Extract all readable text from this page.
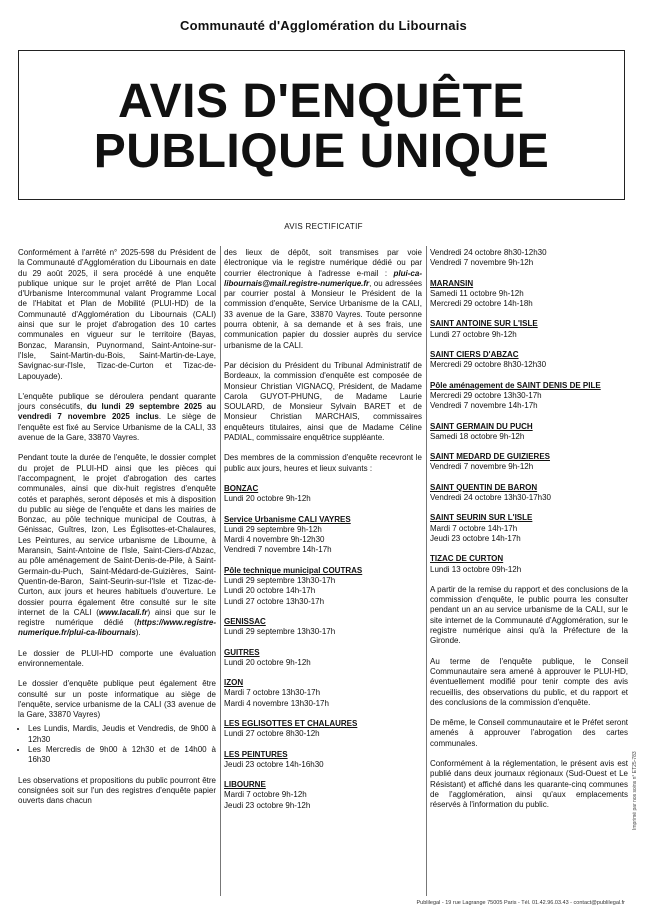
Communauté d'Agglomération du Libournais
AVIS D'ENQUÊTE
PUBLIQUE UNIQUE
AVIS RECTIFICATIF

Conformément à l'arrêté n° 2025-598 du Président de la Communauté d'Agglomération du Libournais en date du 29 août 2025, il sera procédé à une enquête publique unique sur le projet arrêté de Plan Local d'Urbanisme Intercommunal valant Programme Local de l'Habitat et Plan de Mobilité (PLUI-HD) de la Communauté d'Agglomération du Libournais (CALI) ainsi que sur le projet d'abrogation des 10 cartes communales en vigueur sur le territoire (Bayas, Bonzac, Maransin, Puynormand, Saint-Antoine-sur-l'Isle, Saint-Martin-du-Bois, Saint-Martin-de-Laye, Savignac-sur-l'Isle, Tizac-de-Curton et Tizac-de-Lapouyade).

L'enquête publique se déroulera pendant quarante jours consécutifs, du lundi 29 septembre 2025 au vendredi 7 novembre 2025 inclus. Le siège de l'enquête est fixé au Service Urbanisme de la CALI, 33 avenue de la Gare, 33870 Vayres.

Pendant toute la durée de l'enquête, le dossier complet du projet de PLUI-HD ainsi que les pièces qui l'accompagnent, le projet d'abrogation des cartes communales, ainsi que dix-huit registres d'enquête cotés et paraphés, seront déposés et mis à disposition du public au siège de l'enquête et dans les mairies de Bonzac, au pôle technique municipal de Coutras, à Génissac, Guîtres, Izon, Les Églisottes-et-Chalaures, Les Peintures, au service urbanisme de Libourne, à Maransin, Saint-Antoine de l'Isle, Saint-Ciers-d'Abzac, au pôle aménagement de Saint-Denis-de-Pile, à Saint-Germain-du-Puch, Saint-Médard-de-Guizières, Saint-Quentin-de-Baron, Saint-Seurin-sur-l'Isle et Tizac-de-Curton, aux jours et heures habituels d'ouverture. Le dossier pourra également être consulté sur le site internet de la CALI (www.lacali.fr) ainsi que sur le registre numérique dédié (https://www.registre-numerique.fr/plui-ca-libournais).

Le dossier de PLUI-HD comporte une évaluation environnementale.

Le dossier d'enquête publique peut également être consulté sur un poste informatique au siège de l'enquête, service urbanisme de la CALI (33 avenue de la Gare, 33870 Vayres)

• Les Lundis, Mardis, Jeudis et Vendredis, de 9h00 à 12h30
• Les Mercredis de 9h00 à 12h30 et de 14h00 à 16h30

Les observations et propositions du public pourront être consignées soit sur l'un des registres d'enquête papier ouverts dans chacun

des lieux de dépôt, soit transmises par voie électronique via le registre numérique dédié ou par courrier électronique à l'adresse e-mail : plui-ca-libournais@mail.registre-numerique.fr, ou adressées par courrier postal à Monsieur le Président de la commission d'enquête, Service Urbanisme de la CALI, 33 avenue de la Gare, 33870 Vayres. Toute personne pourra obtenir, à sa demande et à ses frais, une communication papier du dossier auprès du service urbanisme de la CALI.

Par décision du Président du Tribunal Administratif de Bordeaux, la commission d'enquête est composée de Monsieur Christian VIGNACQ, Président, de Madame Carola GUYOT-PHUNG, de Madame Laurie SOULARD, de Monsieur Sylvain BARET et de Monsieur Christian MARCHAIS, commissaires enquêteurs titulaires, ainsi que de Madame Céline PADIAL, commissaire enquêtrice suppléante.

Des membres de la commission d'enquête recevront le public aux jours, heures et lieux suivants :

BONZAC
Lundi 20 octobre 9h-12h
Service Urbanisme CALI VAYRES
Lundi 29 septembre 9h-12h
Mardi 4 novembre 9h-12h30
Vendredi 7 novembre 14h-17h
Pôle technique municipal COUTRAS
Lundi 29 septembre 13h30-17h
Lundi 20 octobre 14h-17h
Lundi 27 octobre 13h30-17h
GENISSAC
Lundi 29 septembre 13h30-17h
GUITRES
Lundi 20 octobre 9h-12h
IZON
Mardi 7 octobre 13h30-17h
Mardi 4 novembre 13h30-17h
LES EGLISOTTES ET CHALAURES
Lundi 27 octobre 8h30-12h
LES PEINTURES
Jeudi 23 octobre 14h-16h30
LIBOURNE
Mardi 7 octobre 9h-12h
Jeudi 23 octobre 9h-12h
Vendredi 24 octobre 8h30-12h30
Vendredi 7 novembre 9h-12h
MARANSIN
Samedi 11 octobre 9h-12h
Mercredi 29 octobre 14h-18h
SAINT ANTOINE SUR L'ISLE
Lundi 27 octobre 9h-12h
SAINT CIERS D'ABZAC
Mercredi 29 octobre 8h30-12h30
Pôle aménagement de SAINT DENIS DE PILE
Mercredi 29 octobre 13h30-17h
Vendredi 7 novembre 14h-17h
SAINT GERMAIN DU PUCH
Samedi 18 octobre 9h-12h
SAINT MEDARD DE GUIZIERES
Vendredi 7 novembre 9h-12h
SAINT QUENTIN DE BARON
Vendredi 24 octobre 13h30-17h30
SAINT SEURIN SUR L'ISLE
Mardi 7 octobre 14h-17h
Jeudi 23 octobre 14h-17h
TIZAC DE CURTON
Lundi 13 octobre 09h-12h

A partir de la remise du rapport et des conclusions de la commission d'enquête, le public pourra les consulter pendant un an au service urbanisme de la CALI, sur le site internet de la Communauté d'Agglomération, sur le registre numérique ainsi qu'à la Préfecture de la Gironde.

Au terme de l'enquête publique, le Conseil Communautaire sera amené à approuver le PLUI-HD, éventuellement modifié pour tenir compte des avis recueillis, des observations du public, et du rapport et des conclusions de la commission d'enquête.

De même, le Conseil communautaire et le Préfet seront amenés à approuver l'abrogation des cartes communales.

Conformément à la réglementation, le présent avis est publié dans deux journaux régionaux (Sud-Ouest et Le Résistant) et affiché dans les quarante-cinq communes de l'agglomération, ainsi qu'aux emplacements réservés à l'information du public.

Publilegal - 19 rue Lagrange 75005 Paris - Tél. 01.42.96.03.43 - contact@publilegal.fr
Imprimé par nos soins n° ET25-783
